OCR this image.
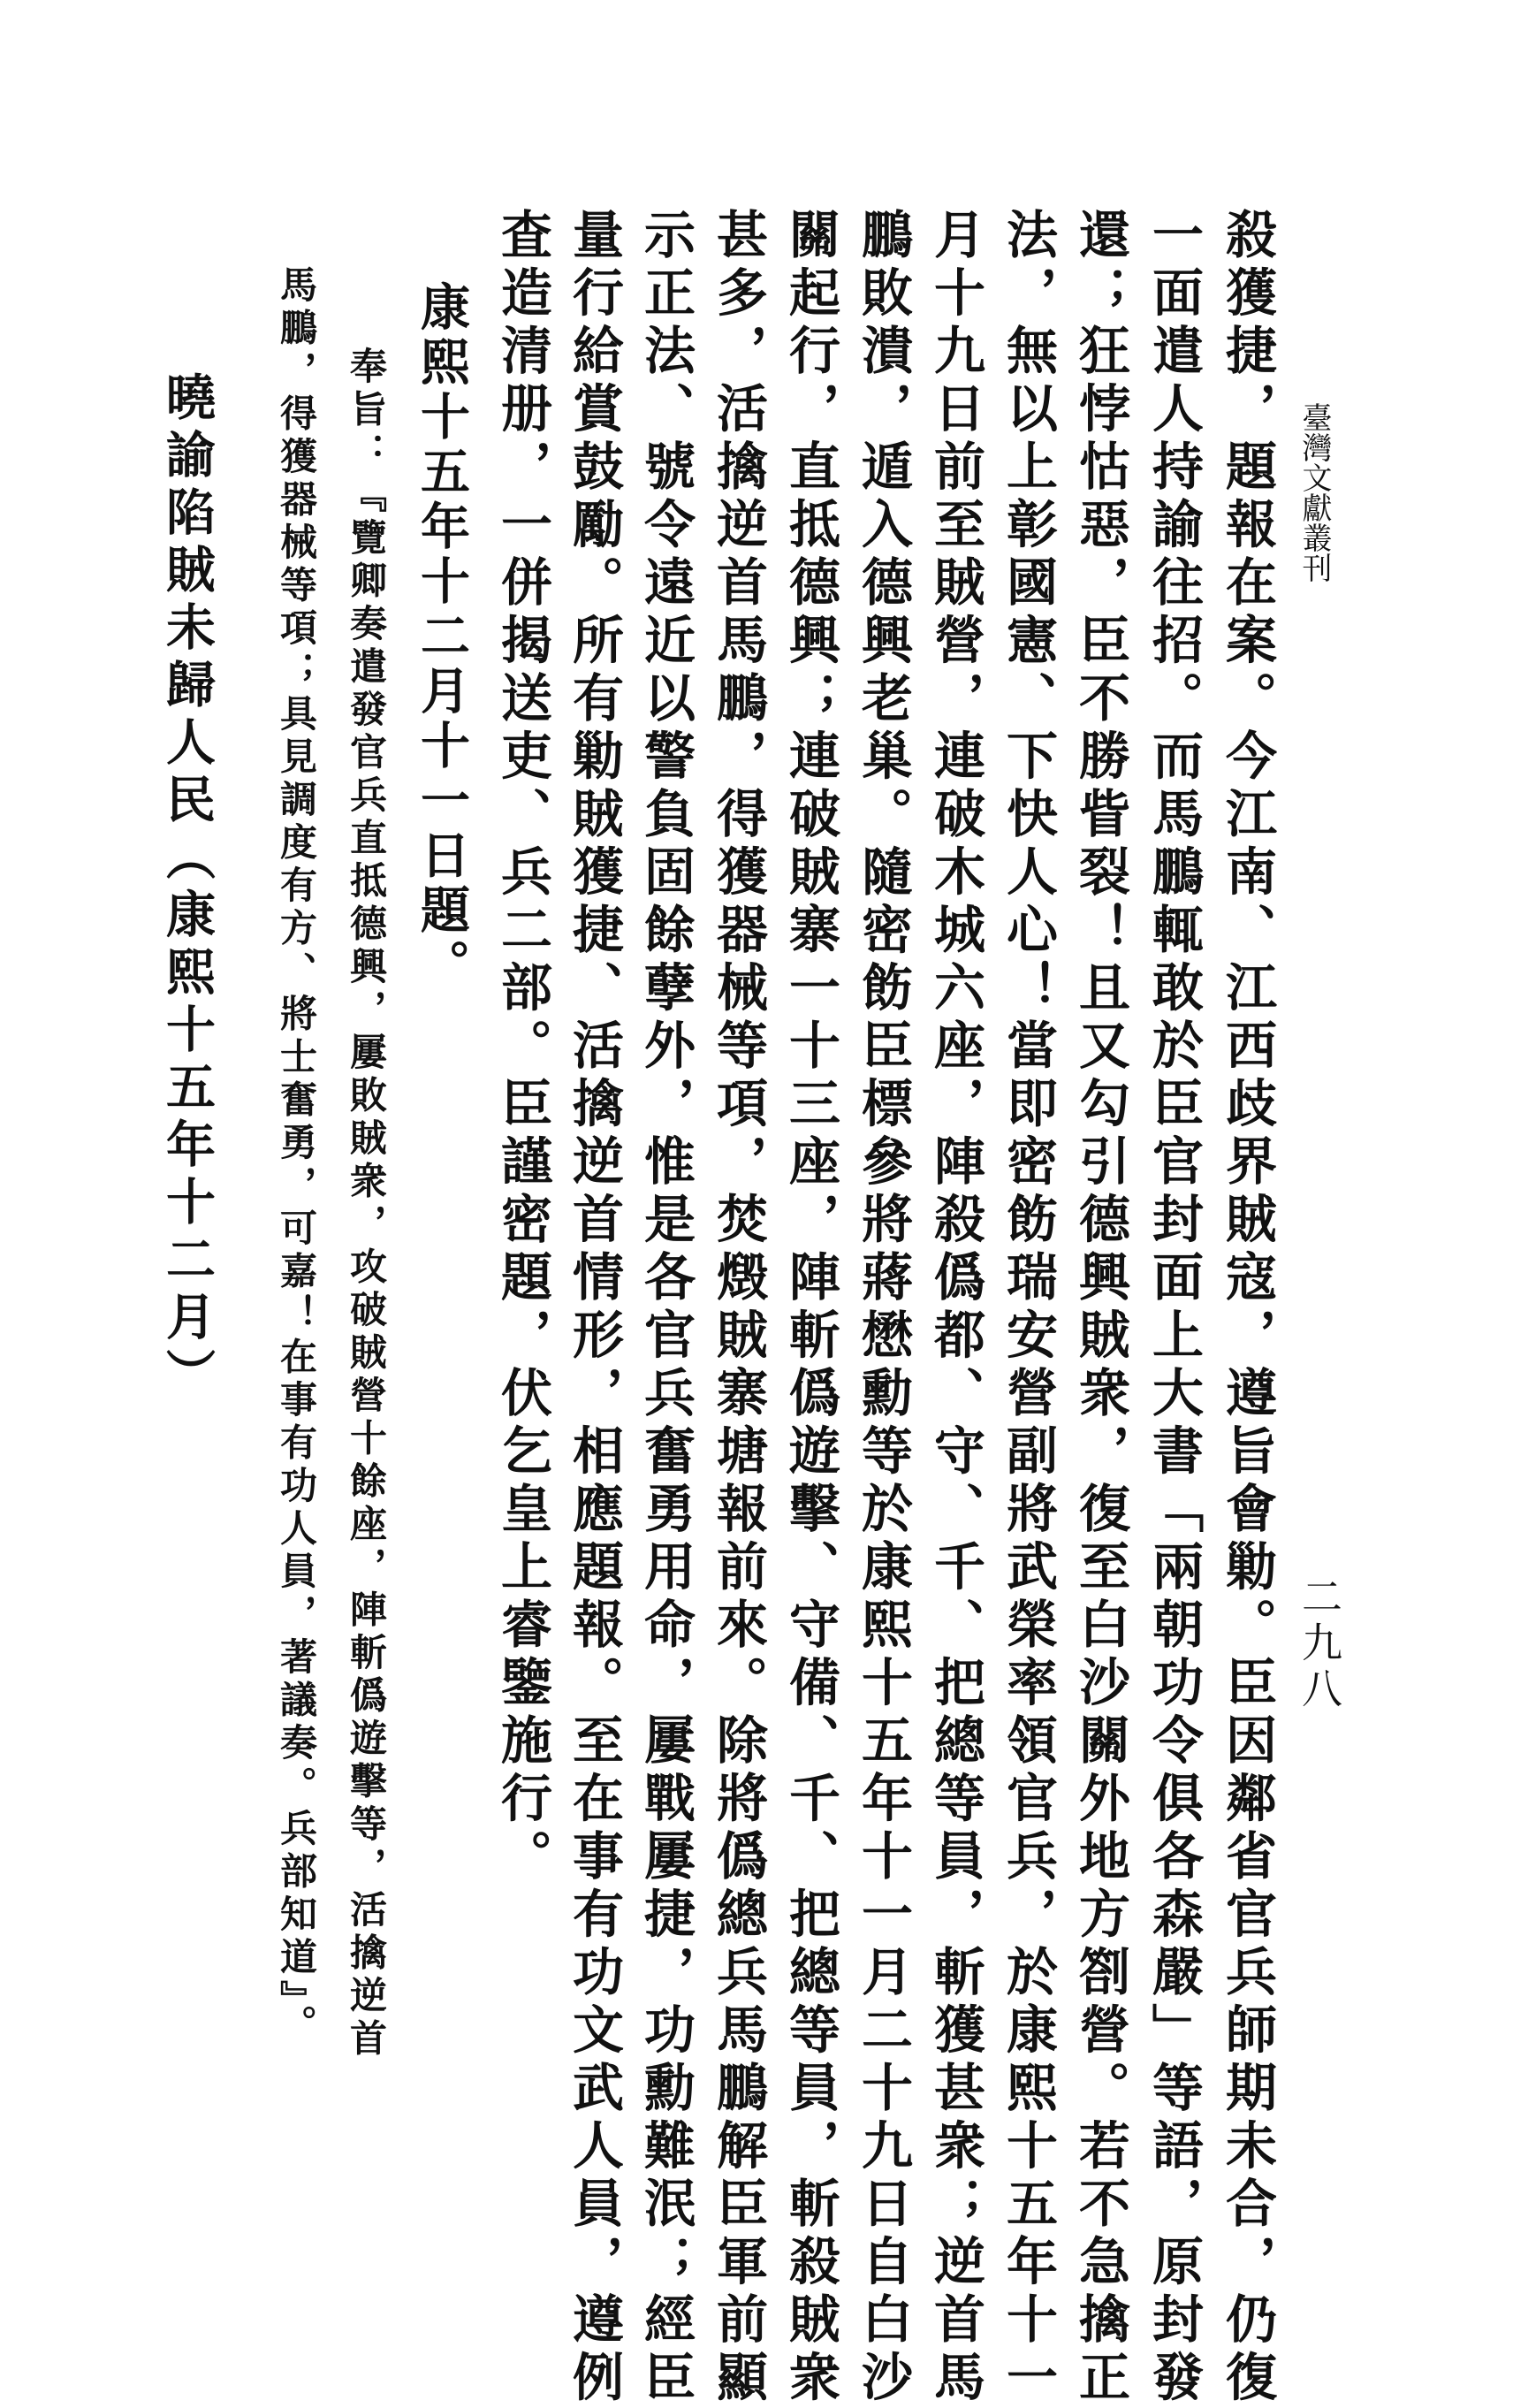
臺灣文獻叢刊
二九八
殺獲捷，題報在案。今江南、江西歧界賊寇，遵旨會勦。臣因鄰省官兵師期未合，仍復
一面遣人持諭往招。而馬鵬輒敢於臣官封面上大書「兩朝功令俱各森嚴」等語，原封發
還；狂悖怙惡，臣不勝眥裂！且又勾引德興賊衆，復至白沙關外地方劄營。若不急擒正
法，無以上彰國憲、下快人心！當即密飭瑞安營副將武榮率領官兵，於康熙十五年十一
月十九日前至賊營，連破木城六座，陣殺僞都、守、千、把總等員，斬獲甚衆；逆首馬
鵬敗潰，遁入德興老巢。隨密飭臣標參將蔣懋勳等於康熙十五年十一月二十九日自白沙
關起行，直抵德興；連破賊寨一十三座，陣斬僞遊擊、守備、千、把總等員，斬殺賊衆
甚多，活擒逆首馬鵬，得獲器械等項，焚燬賊寨塘報前來。除將僞總兵馬鵬解臣軍前顯
示正法、號令遠近以警負固餘孽外，惟是各官兵奮勇用命，屢戰屢捷，功勳難泯；經臣
量行給賞鼓勵。所有勦賊獲捷、活擒逆首情形，相應題報。至在事有功文武人員，遵例
査造清册，一併揭送吏、兵二部。臣謹密題，伏乞皇上睿鑒施行。
康熙十五年十二月十一日題。
奉旨：『覽卿奏遣發官兵直抵德興，屢敗賊衆，攻破賊營十餘座，陣斬僞遊擊等，活擒逆首
馬鵬，得獲器械等項；具見調度有方、將士奮勇，可嘉！在事有功人員，著議奏。兵部知道』。
曉諭陷賊未歸人民（康熙十五年十二月）
